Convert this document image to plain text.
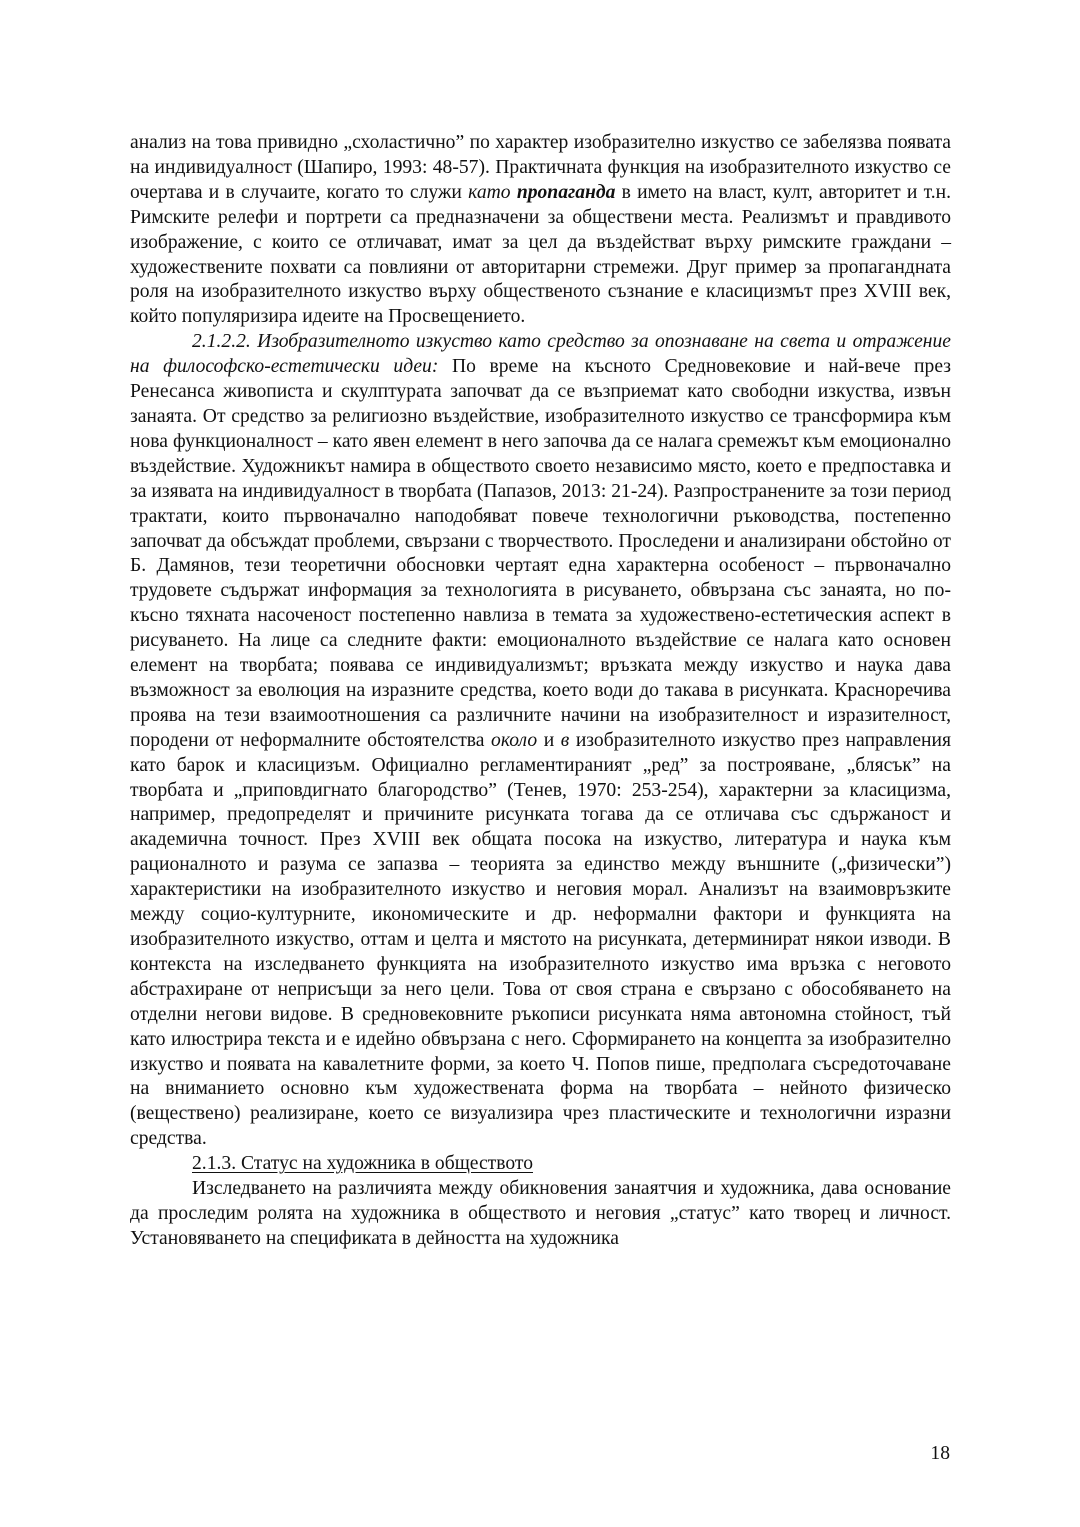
анализ на това привидно „схоластично” по характер изобразително изкуство се забелязва появата на индивидуалност (Шапиро, 1993: 48-57). Практичната функция на изобразителното изкуство се очертава и в случаите, когато то служи като пропаганда в името на власт, култ, авторитет и т.н. Римските релефи и портрети са предназначени за обществени места. Реализмът и правдивото изображение, с които се отличават, имат за цел да въздействат върху римските граждани – художествените похвати са повлияни от авторитарни стремежи. Друг пример за пропагандната роля на изобразителното изкуство върху общественото съзнание е класицизмът през XVIII век, който популяризира идеите на Просвещението.

2.1.2.2. Изобразителното изкуство като средство за опознаване на света и отражение на философско-естетически идеи: По време на късното Средновековие и най-вече през Ренесанса живописта и скулптурата започват да се възприемат като свободни изкуства, извън занаята. От средство за религиозно въздействие, изобразителното изкуство се трансформира към нова функционалност – като явен елемент в него започва да се налага сремежът към емоционално въздействие. Художникът намира в обществото своето независимо място, което е предпоставка и за изявата на индивидуалност в творбата (Папазов, 2013: 21-24). Разпространените за този период трактати, които първоначално наподобяват повече технологични ръководства, постепенно започват да обсъждат проблеми, свързани с творчеството. Проследени и анализирани обстойно от Б. Дамянов, тези теоретични обосновки чертаят една характерна особеност – първоначално трудовете съдържат информация за технологията в рисуването, обвързана със занаята, но по-късно тяхната насоченост постепенно навлиза в темата за художествено-естетическия аспект в рисуването. На лице са следните факти: емоционалното въздействие се налага като основен елемент на творбата; появава се индивидуализмът; връзката между изкуство и наука дава възможност за еволюция на изразните средства, което води до такава в рисунката. Красноречива проява на тези взаимоотношения са различните начини на изобразителност и изразителност, породени от неформалните обстоятелства около и в изобразителното изкуство през направления като барок и класицизъм. Официално регламентираният „ред” за построяване, „блясък” на творбата и „приповдигнато благородство” (Тенев, 1970: 253-254), характерни за класицизма, например, предопределят и причините рисунката тогава да се отличава със сдържаност и академична точност. През XVIII век общата посока на изкуство, литература и наука към рационалното и разума се запазва – теорията за единство между външните („физически”) характеристики на изобразителното изкуство и неговия морал. Анализът на взаимовръзките между социо-културните, икономическите и др. неформални фактори и функцията на изобразителното изкуство, оттам и целта и мястото на рисунката, детерминират някои изводи. В контекста на изследването функцията на изобразителното изкуство има връзка с неговото абстрахиране от неприсъщи за него цели. Това от своя страна е свързано с обособяването на отделни негови видове. В средновековните ръкописи рисунката няма автономна стойност, тъй като илюстрира текста и е идейно обвързана с него. Сформирането на концепта за изобразително изкуство и появата на кавалетните форми, за което Ч. Попов пише, предполага съсредоточаване на вниманието основно към художествената форма на творбата – нейното физическо (веществено) реализиране, което се визуализира чрез пластическите и технологични изразни средства.

2.1.3. Статус на художника в обществото

Изследването на различията между обикновения занаятчия и художника, дава основание да проследим ролята на художника в обществото и неговия „статус” като творец и личност. Установяването на спецификата в дейността на художника

18
